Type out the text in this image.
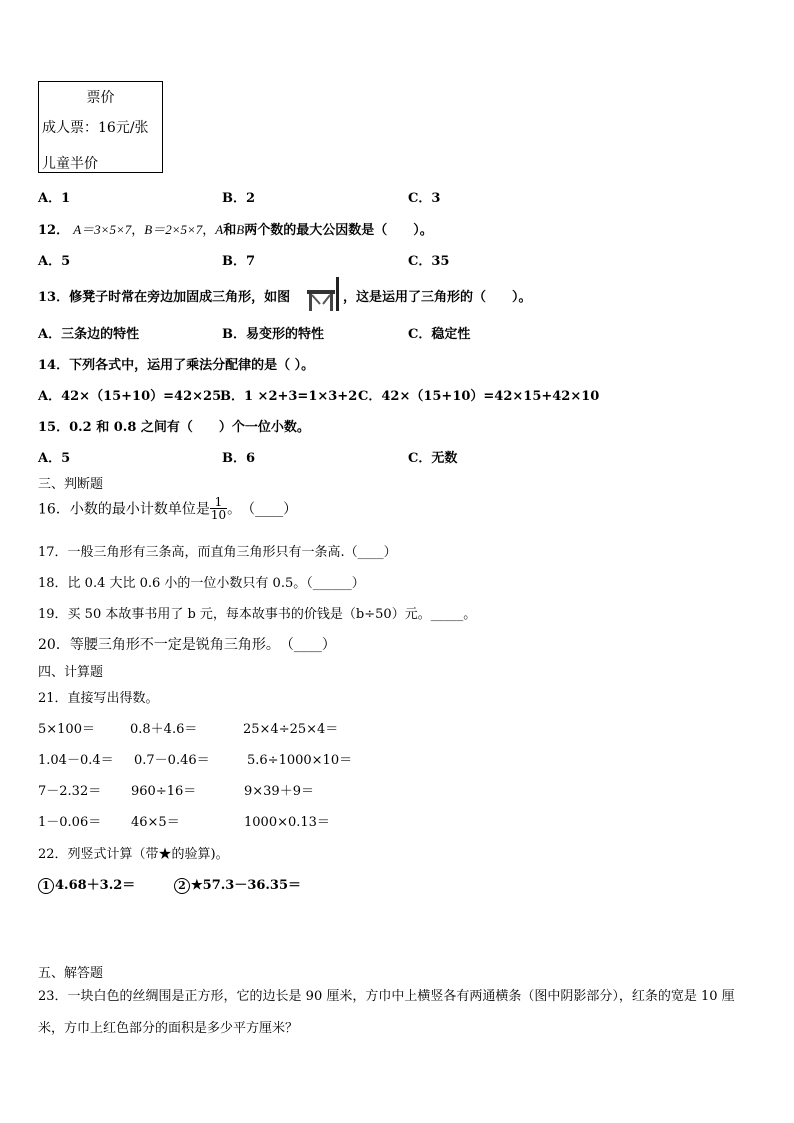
票价
成人票：16元/张
儿童半价
A．1	B．2	C．3
12． A＝3×5×7，B＝2×5×7，A和B两个数的最大公因数是（　　）。
A．5	B．7	C．35
13．修凳子时常在旁边加固成三角形，如图	，这是运用了三角形的（　　）。
A．三条边的特性	B．易变形的特性	C．稳定性
14．下列各式中，运用了乘法分配律的是（ ）。
A．42×（15+10）=42×25
B．1 ×2+3=1×3+2 C．42×（15+10）=42×15+42×10
15．0.2 和 0.8 之间有（　　）个一位小数。
A．5	B．6	C．无数
三、判断题
16．小数的最小计数单位是 $\frac{1}{10}$ 。　（____）
17．一般三角形有三条高，而直角三角形只有一条高.（____）
18．比 0.4 大比 0.6 小的一位小数只有 0.5。（______）
19．买 50 本故事书用了 b 元，每本故事书的价钱是（b÷50）元。_____。
20．等腰三角形不一定是锐角三角形。　（____）
四、计算题
21．直接写出得数。
5×100＝	0.8＋4.6＝	25×4÷25×4＝
1.04－0.4＝ 0.7－0.46＝	5.6÷1000×10＝
7－2.32＝ 960÷16＝	9×39＋9＝
1－0.06＝ 46×5＝	1000×0.13＝
22．列竖式计算（带★的验算)。
1 4.68＋3.2＝	2 ★57.3－36.35＝
五、解答题
23．一块白色的丝绸围是正方形，它的边长是 90 厘米，方巾中上横竖各有两通横条（图中阴影部分），红条的宽是 10 厘米，方巾上红色部分的面积是多少平方厘米？
